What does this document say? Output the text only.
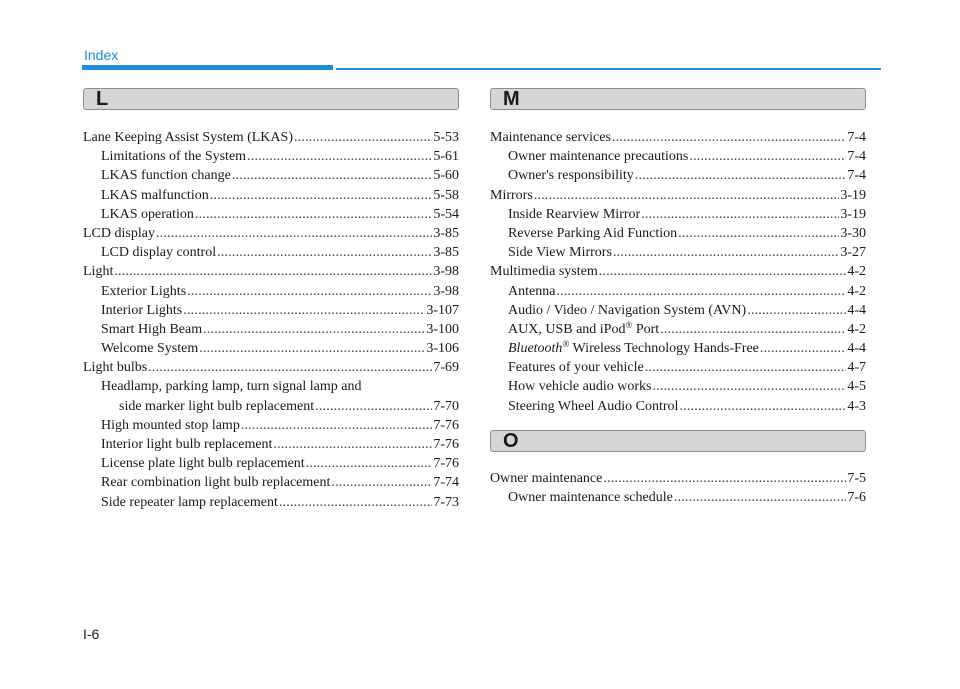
Index
L
Lane Keeping Assist System (LKAS) .....	5-53
Limitations of the System .....	5-61
LKAS function change .....	5-60
LKAS malfunction .....	5-58
LKAS operation .....	5-54
LCD display .....	3-85
LCD display control .....	3-85
Light .....	3-98
Exterior Lights .....	3-98
Interior Lights .....	3-107
Smart High Beam .....	3-100
Welcome System .....	3-106
Light bulbs .....	7-69
Headlamp, parking lamp, turn signal lamp and
side marker light bulb replacement .....	7-70
High mounted stop lamp .....	7-76
Interior light bulb replacement .....	7-76
License plate light bulb replacement .....	7-76
Rear combination light bulb replacement .....	7-74
Side repeater lamp replacement .....	7-73
M
Maintenance services .....	7-4
Owner maintenance precautions .....	7-4
Owner's responsibility .....	7-4
Mirrors .....	3-19
Inside Rearview Mirror .....	3-19
Reverse Parking Aid Function .....	3-30
Side View Mirrors .....	3-27
Multimedia system .....	4-2
Antenna .....	4-2
Audio / Video / Navigation System (AVN) .....	4-4
AUX, USB and iPod® Port .....	4-2
Bluetooth® Wireless Technology Hands-Free .....	4-4
Features of your vehicle .....	4-7
How vehicle audio works .....	4-5
Steering Wheel Audio Control .....	4-3
O
Owner maintenance .....	7-5
Owner maintenance schedule .....	7-6
I-6
